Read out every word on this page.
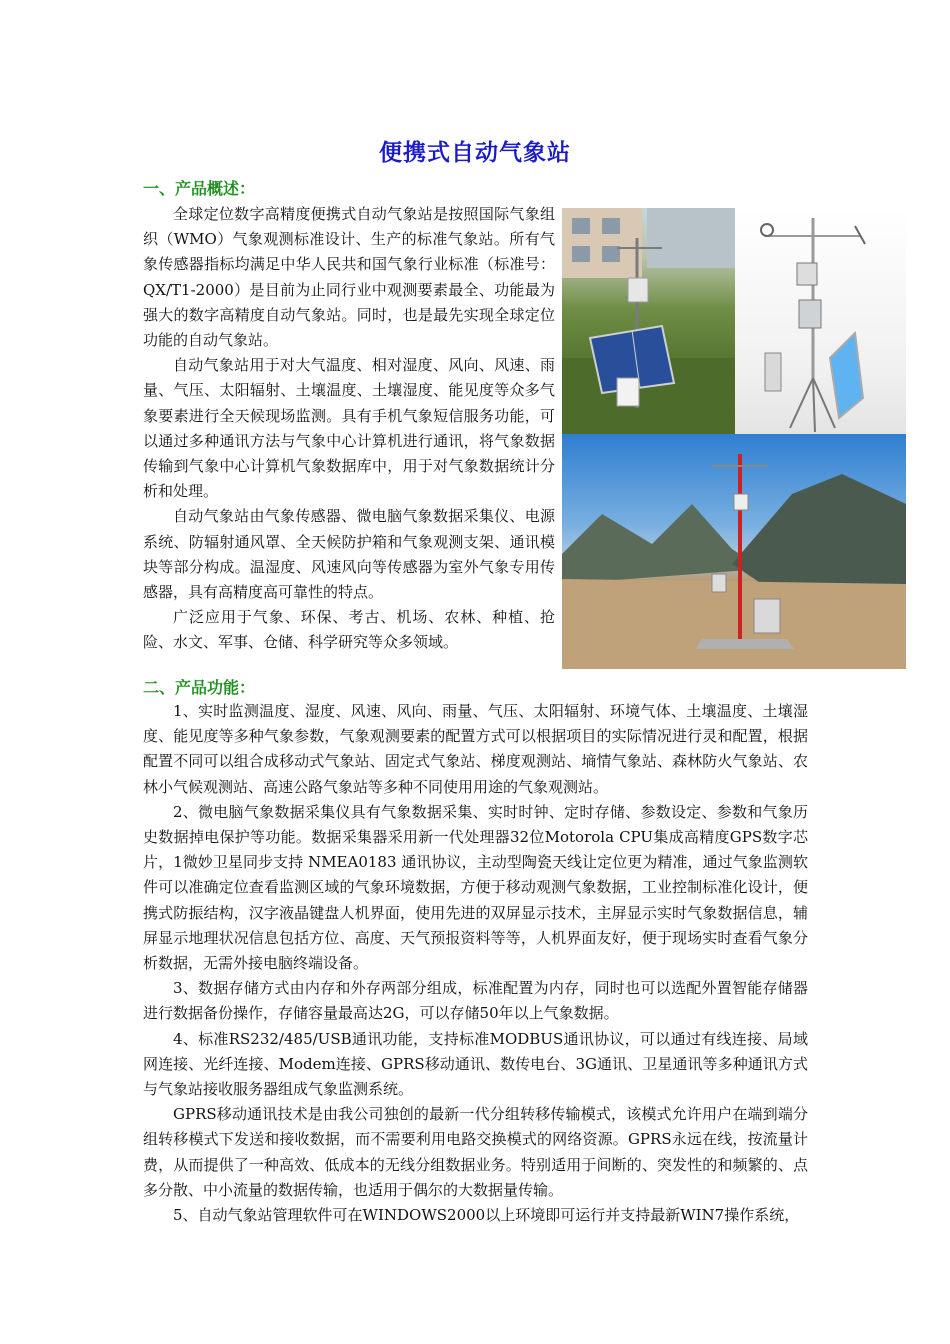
便携式自动气象站
一、产品概述：

全球定位数字高精度便携式自动气象站是按照国际气象组织（WMO）气象观测标准设计、生产的标准气象站。所有气象传感器指标均满足中华人民共和国气象行业标准（标准号：QX/T1-2000）是目前为止同行业中观测要素最全、功能最为强大的数字高精度自动气象站。同时，也是最先实现全球定位功能的自动气象站。

自动气象站用于对大气温度、相对湿度、风向、风速、雨量、气压、太阳辐射、土壤温度、土壤湿度、能见度等众多气象要素进行全天候现场监测。具有手机气象短信服务功能，可以通过多种通讯方法与气象中心计算机进行通讯，将气象数据传输到气象中心计算机气象数据库中，用于对气象数据统计分析和处理。

自动气象站由气象传感器、微电脑气象数据采集仪、电源系统、防辐射通风罩、全天候防护箱和气象观测支架、通讯模块等部分构成。温湿度、风速风向等传感器为室外气象专用传感器，具有高精度高可靠性的特点。

广泛应用于气象、环保、考古、机场、农林、种植、抢险、水文、军事、仓储、科学研究等众多领域。

二、产品功能：

1、实时监测温度、湿度、风速、风向、雨量、气压、太阳辐射、环境气体、土壤温度、土壤湿度、能见度等多种气象参数，气象观测要素的配置方式可以根据项目的实际情况进行灵和配置，根据配置不同可以组合成移动式气象站、固定式气象站、梯度观测站、墒情气象站、森林防火气象站、农林小气候观测站、高速公路气象站等多种不同使用用途的气象观测站。

2、微电脑气象数据采集仪具有气象数据采集、实时时钟、定时存储、参数设定、参数和气象历史数据掉电保护等功能。数据采集器采用新一代处理器32位Motorola CPU集成高精度GPS数字芯片，1微妙卫星同步支持 NMEA0183 通讯协议，主动型陶瓷天线让定位更为精准，通过气象监测软件可以准确定位查看监测区域的气象环境数据，方便于移动观测气象数据，工业控制标准化设计，便携式防振结构，汉字液晶键盘人机界面，使用先进的双屏显示技术，主屏显示实时气象数据信息，辅屏显示地理状况信息包括方位、高度、天气预报资料等等，人机界面友好，便于现场实时查看气象分析数据，无需外接电脑终端设备。

3、数据存储方式由内存和外存两部分组成，标准配置为内存，同时也可以选配外置智能存储器进行数据备份操作，存储容量最高达2G，可以存储50年以上气象数据。

4、标准RS232/485/USB通讯功能，支持标准MODBUS通讯协议，可以通过有线连接、局域网连接、光纤连接、Modem连接、GPRS移动通讯、数传电台、3G通讯、卫星通讯等多种通讯方式与气象站接收服务器组成气象监测系统。

GPRS移动通讯技术是由我公司独创的最新一代分组转移传输模式，该模式允许用户在端到端分组转移模式下发送和接收数据，而不需要利用电路交换模式的网络资源。GPRS永远在线，按流量计费，从而提供了一种高效、低成本的无线分组数据业务。特别适用于间断的、突发性的和频繁的、点多分散、中小流量的数据传输，也适用于偶尔的大数据量传输。

5、自动气象站管理软件可在WINDOWS2000以上环境即可运行并支持最新WIN7操作系统，
